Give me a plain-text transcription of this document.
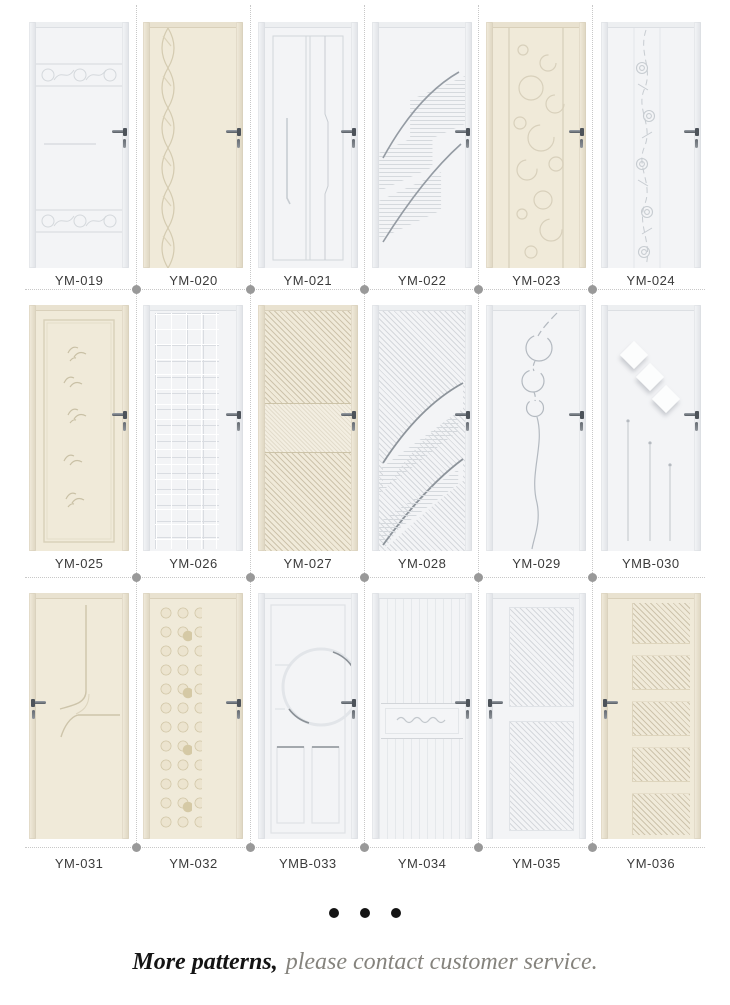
YM-019	YM-020	YM-021	YM-022	YM-023	YM-024
YM-025	YM-026	YM-027	YM-028	YM-029	YMB-030
YM-031	YM-032	YMB-033	YM-034	YM-035	YM-036
More patterns, please contact customer service.
